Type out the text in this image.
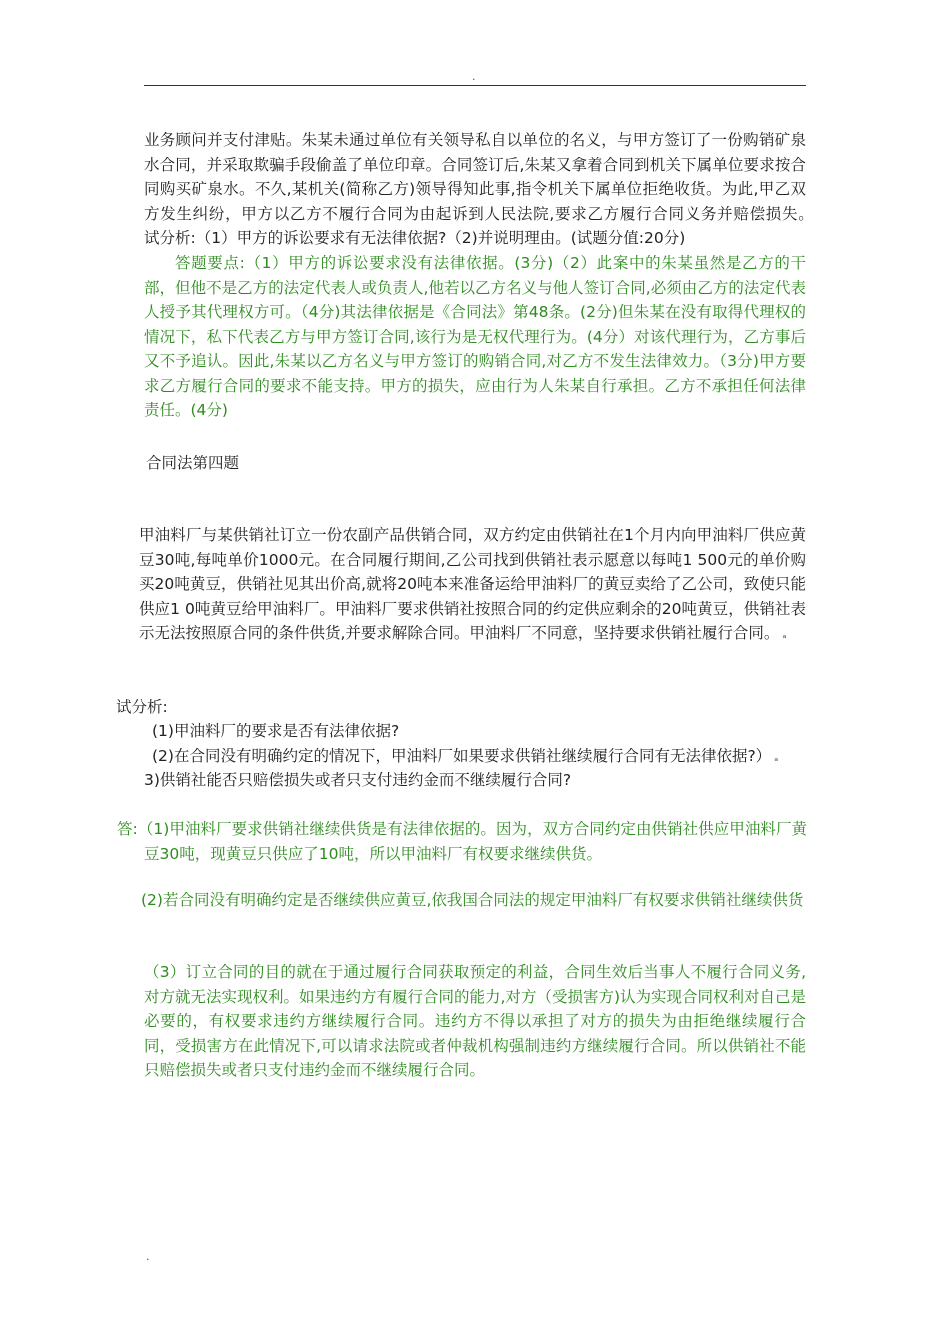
.

业务顾问并支付津贴。朱某未通过单位有关领导私自以单位的名义，与甲方签订了一份购销矿泉水合同，并采取欺骗手段偷盖了单位印章。合同签订后,朱某又拿着合同到机关下属单位要求按合同购买矿泉水。不久,某机关(简称乙方)领导得知此事,指令机关下属单位拒绝收货。为此,甲乙双方发生纠纷，甲方以乙方不履行合同为由起诉到人民法院,要求乙方履行合同义务并赔偿损失。　试分析:（1）甲方的诉讼要求有无法律依据?（2)并说明理由。(试题分值:20分)

答题要点:（1）甲方的诉讼要求没有法律依据。(3分)（2）此案中的朱某虽然是乙方的干部，但他不是乙方的法定代表人或负责人,他若以乙方名义与他人签订合同,必须由乙方的法定代表人授予其代理权方可。（4分)其法律依据是《合同法》第48条。(2分)但朱某在没有取得代理权的情况下，私下代表乙方与甲方签订合同,该行为是无权代理行为。(4分）对该代理行为，乙方事后又不予追认。因此,朱某以乙方名义与甲方签订的购销合同,对乙方不发生法律效力。（3分)甲方要求乙方履行合同的要求不能支持。甲方的损失，应由行为人朱某自行承担。乙方不承担任何法律责任。(4分)

合同法第四题

甲油料厂与某供销社订立一份农副产品供销合同，双方约定由供销社在1个月内向甲油料厂供应黄豆30吨,每吨单价1000元。在合同履行期间,乙公司找到供销社表示愿意以每吨1 500元的单价购买20吨黄豆，供销社见其出价高,就将20吨本来准备运给甲油料厂的黄豆卖给了乙公司，致使只能供应1 0吨黄豆给甲油料厂。甲油料厂要求供销社按照合同的约定供应剩余的20吨黄豆，供销社表示无法按照原合同的条件供货,并要求解除合同。甲油料厂不同意，坚持要求供销社履行合同。 ₐ

试分析:

(1)甲油料厂的要求是否有法律依据?

(2)在合同没有明确约定的情况下，甲油料厂如果要求供销社继续履行合同有无法律依据?） ₐ

3)供销社能否只赔偿损失或者只支付违约金而不继续履行合同?

答:（1)甲油料厂要求供销社继续供货是有法律依据的。因为，双方合同约定由供销社供应甲油料厂黄豆30吨，现黄豆只供应了10吨，所以甲油料厂有权要求继续供货。

(2)若合同没有明确约定是否继续供应黄豆,依我国合同法的规定甲油料厂有权要求供销社继续供货

（3）订立合同的目的就在于通过履行合同获取预定的利益，合同生效后当事人不履行合同义务,对方就无法实现权利。如果违约方有履行合同的能力,对方（受损害方)认为实现合同权利对自己是必要的，有权要求违约方继续履行合同。违约方不得以承担了对方的损失为由拒绝继续履行合同，受损害方在此情况下,可以请求法院或者仲裁机构强制违约方继续履行合同。所以供销社不能只赔偿损失或者只支付违约金而不继续履行合同。

.
